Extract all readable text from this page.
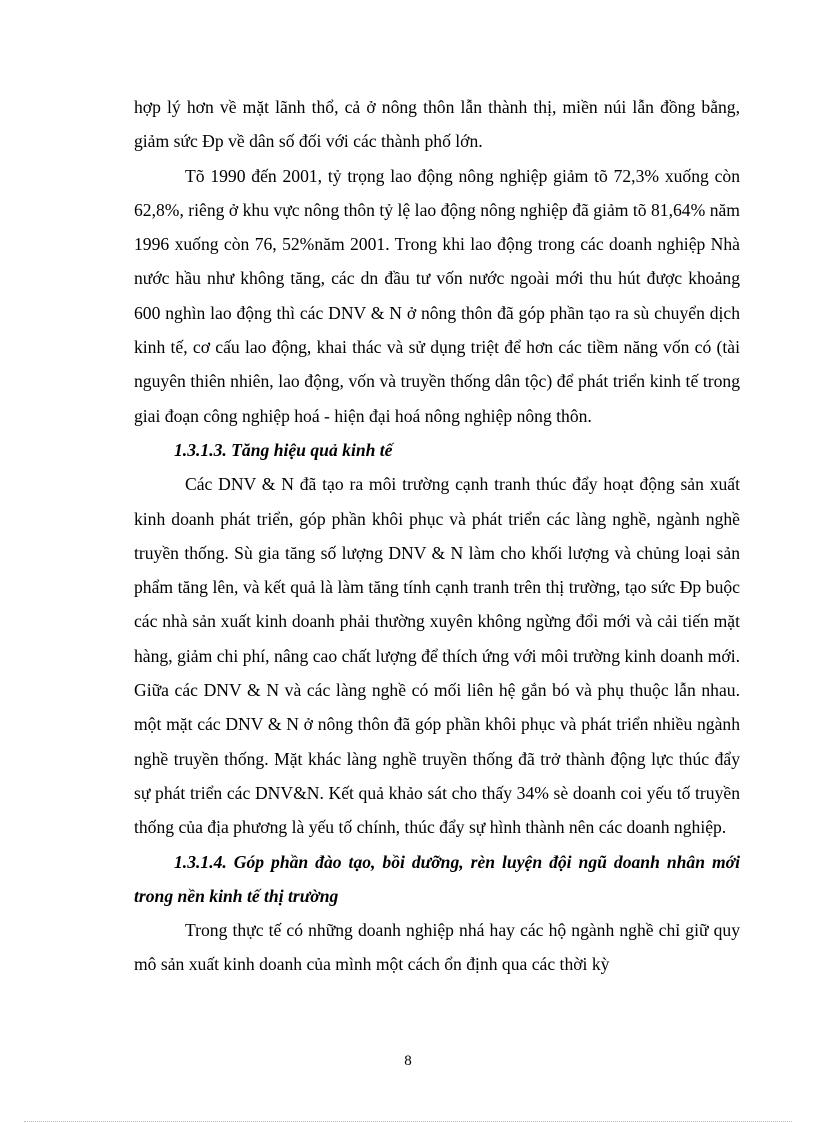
hợp lý hơn về mặt lãnh thổ, cả ở nông thôn lẫn thành thị, miền núi lẫn đồng bằng, giảm sức Đp về dân số đối với các thành phố lớn.

Tõ 1990 đến 2001, tỷ trọng lao động nông nghiệp giảm tõ 72,3% xuống còn 62,8%, riêng ở khu vực nông thôn tỷ lệ lao động nông nghiệp đã giảm tõ 81,64% năm 1996 xuống còn 76, 52%năm 2001. Trong khi lao động trong các doanh nghiệp Nhà nước hầu như không tăng, các dn đầu tư vốn nước ngoài mới thu hút được khoảng 600 nghìn lao động thì các DNV & N ở nông thôn đã góp phần tạo ra sù chuyển dịch kinh tế, cơ cấu lao động, khai thác và sử dụng triệt để hơn các tiềm năng vốn có (tài nguyên thiên nhiên, lao động, vốn và truyền thống dân tộc) để phát triển kinh tế trong giai đoạn công nghiệp hoá - hiện đại hoá nông nghiệp nông thôn.

1.3.1.3. Tăng hiệu quả kinh tế

Các DNV & N đã tạo ra môi trường cạnh tranh thúc đẩy hoạt động sản xuất kinh doanh phát triển, góp phần khôi phục và phát triển các làng nghề, ngành nghề truyền thống. Sù gia tăng số lượng DNV & N làm cho khối lượng và chủng loại sản phẩm tăng lên, và kết quả là làm tăng tính cạnh tranh trên thị trường, tạo sức Đp buộc các nhà sản xuất kinh doanh phải thường xuyên không ngừng đổi mới và cải tiến mặt hàng, giảm chi phí, nâng cao chất lượng để thích ứng với môi trường kinh doanh mới. Giữa các DNV & N và các làng nghề có mối liên hệ gắn bó và phụ thuộc lẫn nhau. một mặt các DNV & N ở nông thôn đã góp phần khôi phục và phát triển nhiều ngành nghề truyền thống. Mặt khác làng nghề truyền thống đã trở thành động lực thúc đẩy sự phát triển các DNV&N. Kết quả khảo sát cho thấy 34% sè doanh coi yếu tố truyền thống của địa phương là yếu tố chính, thúc đẩy sự hình thành nên các doanh nghiệp.

1.3.1.4. Góp phần đào tạo, bồi dưỡng, rèn luyện đội ngũ doanh nhân mới trong nền kinh tế thị trường

Trong thực tế có những doanh nghiệp nhá hay các hộ ngành nghề chỉ giữ quy mô sản xuất kinh doanh của mình một cách ổn định qua các thời kỳ

8
